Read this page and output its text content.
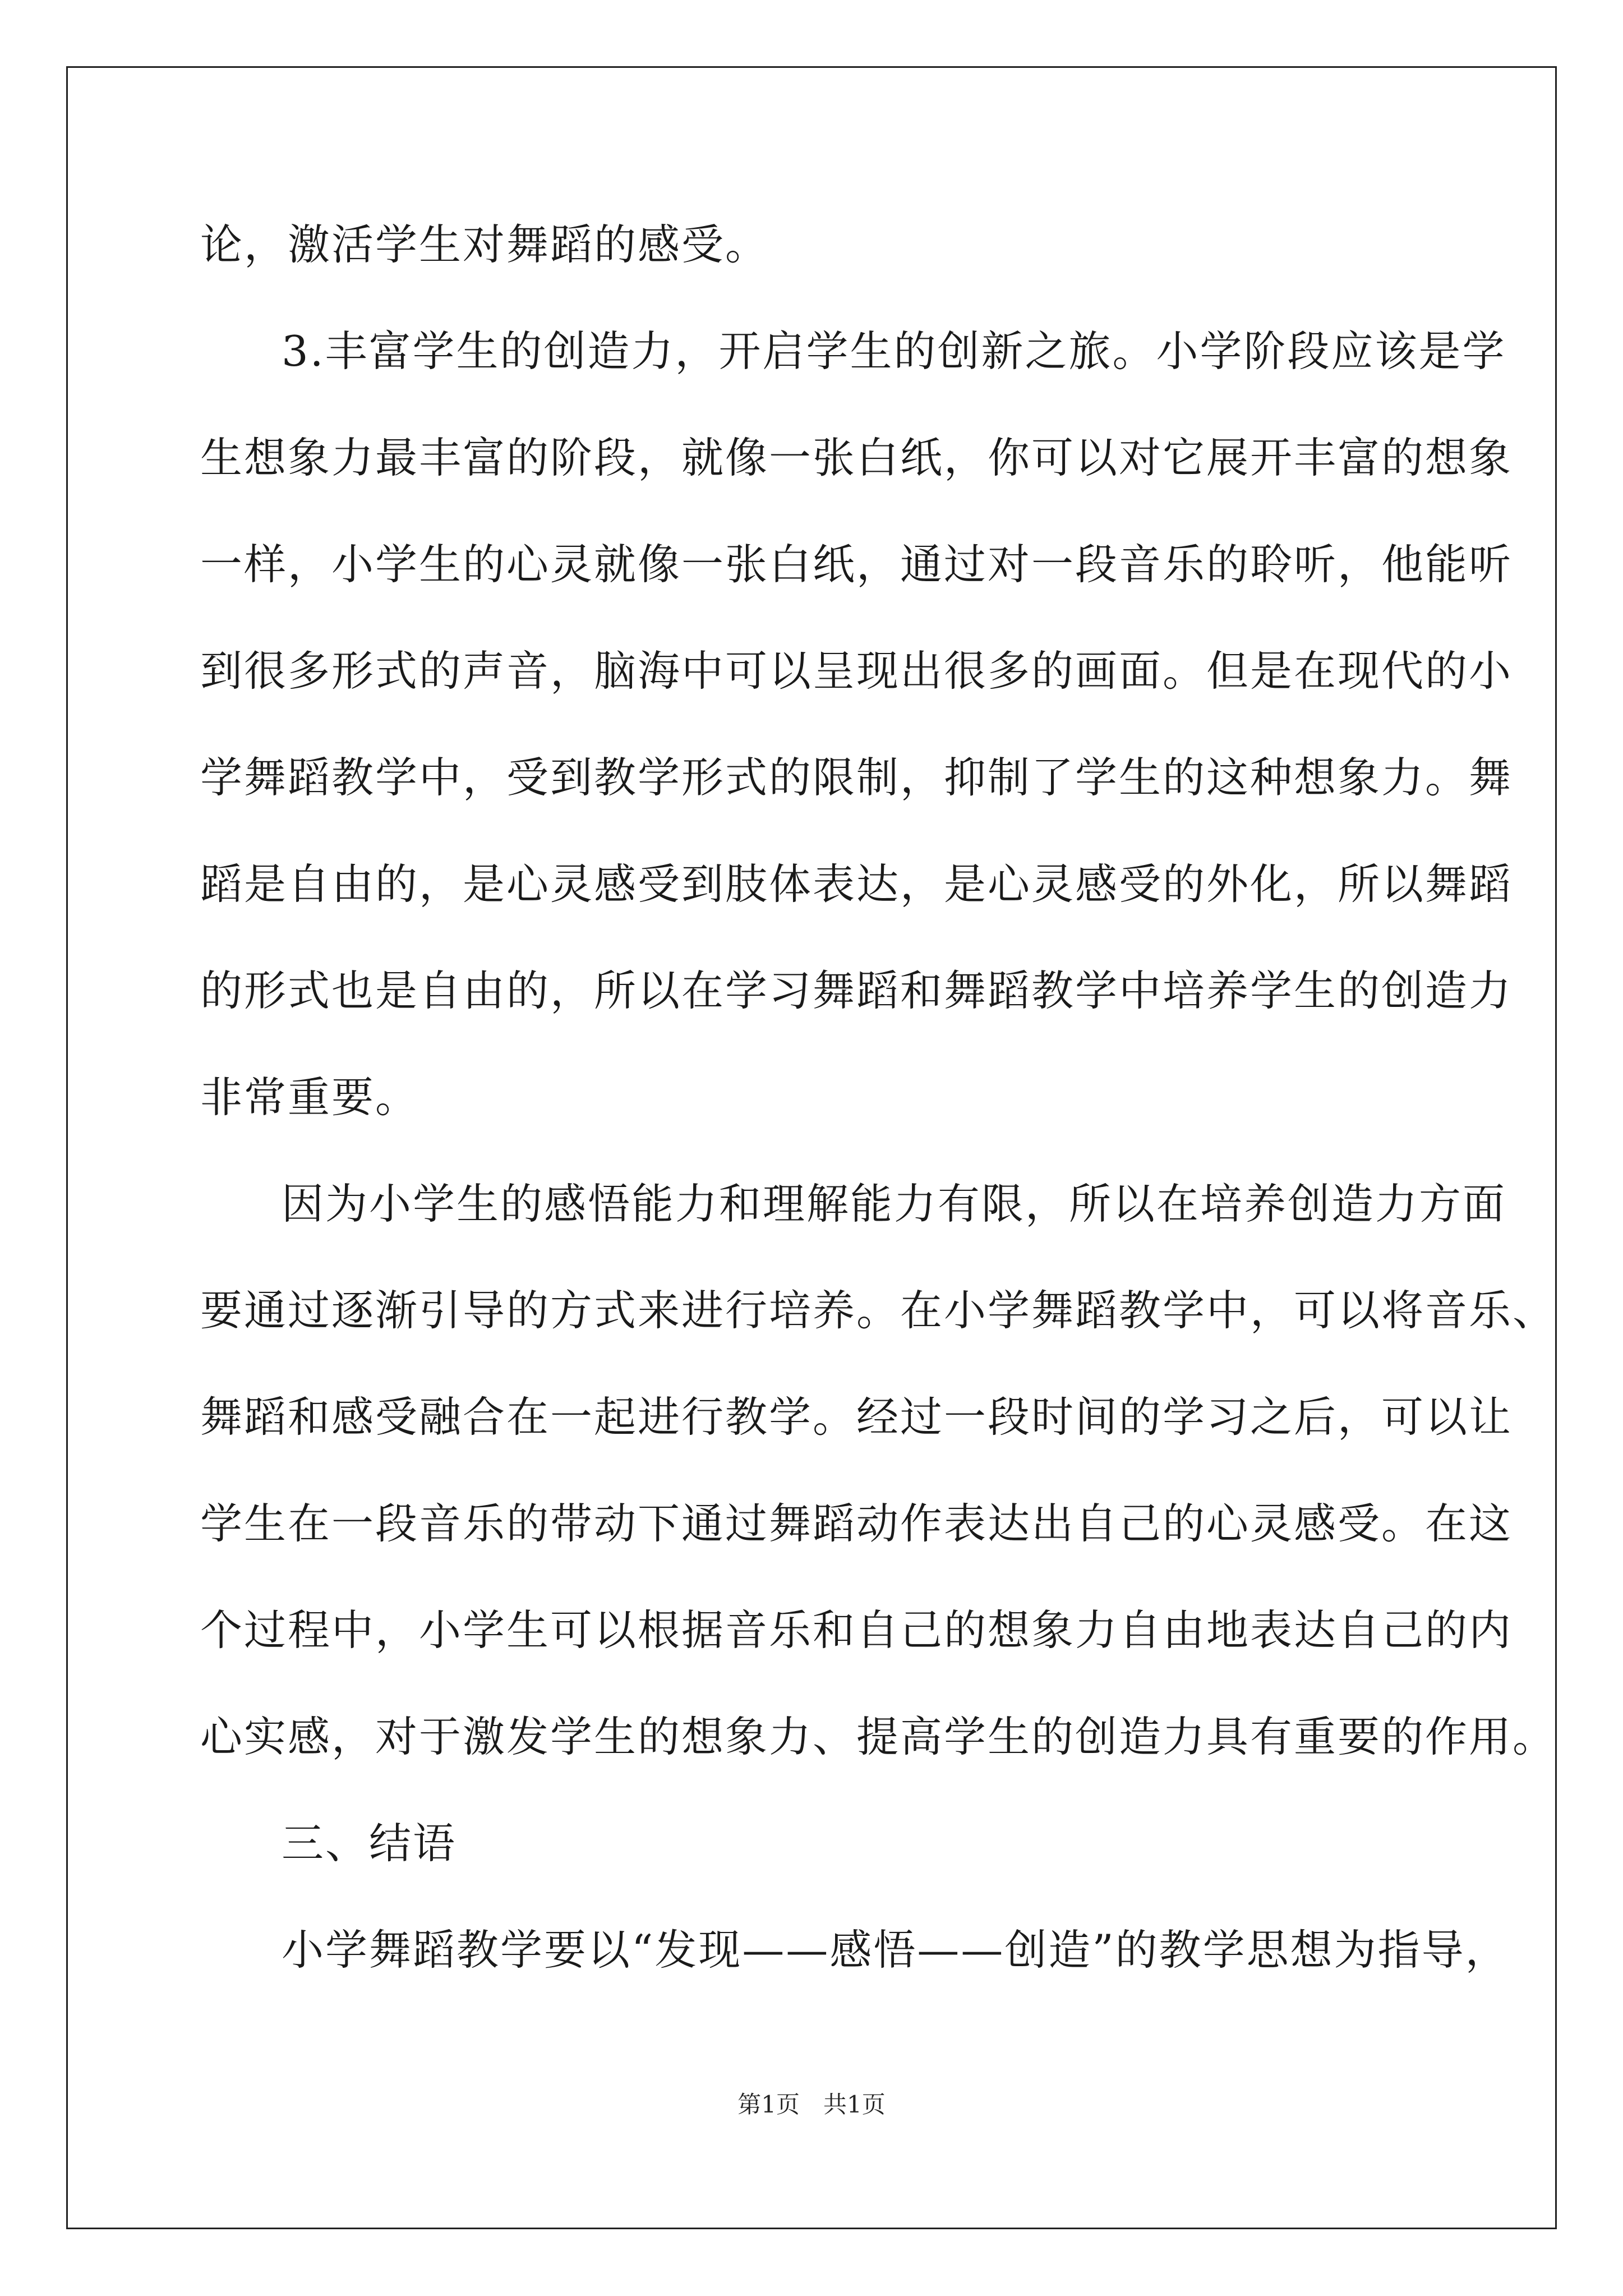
论，激活学生对舞蹈的感受。
3.丰富学生的创造力，开启学生的创新之旅。小学阶段应该是学
生想象力最丰富的阶段，就像一张白纸，你可以对它展开丰富的想象
一样，小学生的心灵就像一张白纸，通过对一段音乐的聆听，他能听
到很多形式的声音，脑海中可以呈现出很多的画面。但是在现代的小
学舞蹈教学中，受到教学形式的限制，抑制了学生的这种想象力。舞
蹈是自由的，是心灵感受到肢体表达，是心灵感受的外化，所以舞蹈
的形式也是自由的，所以在学习舞蹈和舞蹈教学中培养学生的创造力
非常重要。
因为小学生的感悟能力和理解能力有限，所以在培养创造力方面
要通过逐渐引导的方式来进行培养。在小学舞蹈教学中，可以将音乐、
舞蹈和感受融合在一起进行教学。经过一段时间的学习之后，可以让
学生在一段音乐的带动下通过舞蹈动作表达出自己的心灵感受。在这
个过程中，小学生可以根据音乐和自己的想象力自由地表达自己的内
心实感，对于激发学生的想象力、提高学生的创造力具有重要的作用。
三、结语
小学舞蹈教学要以“发现——感悟——创造”的教学思想为指导，
第1页　共1页
